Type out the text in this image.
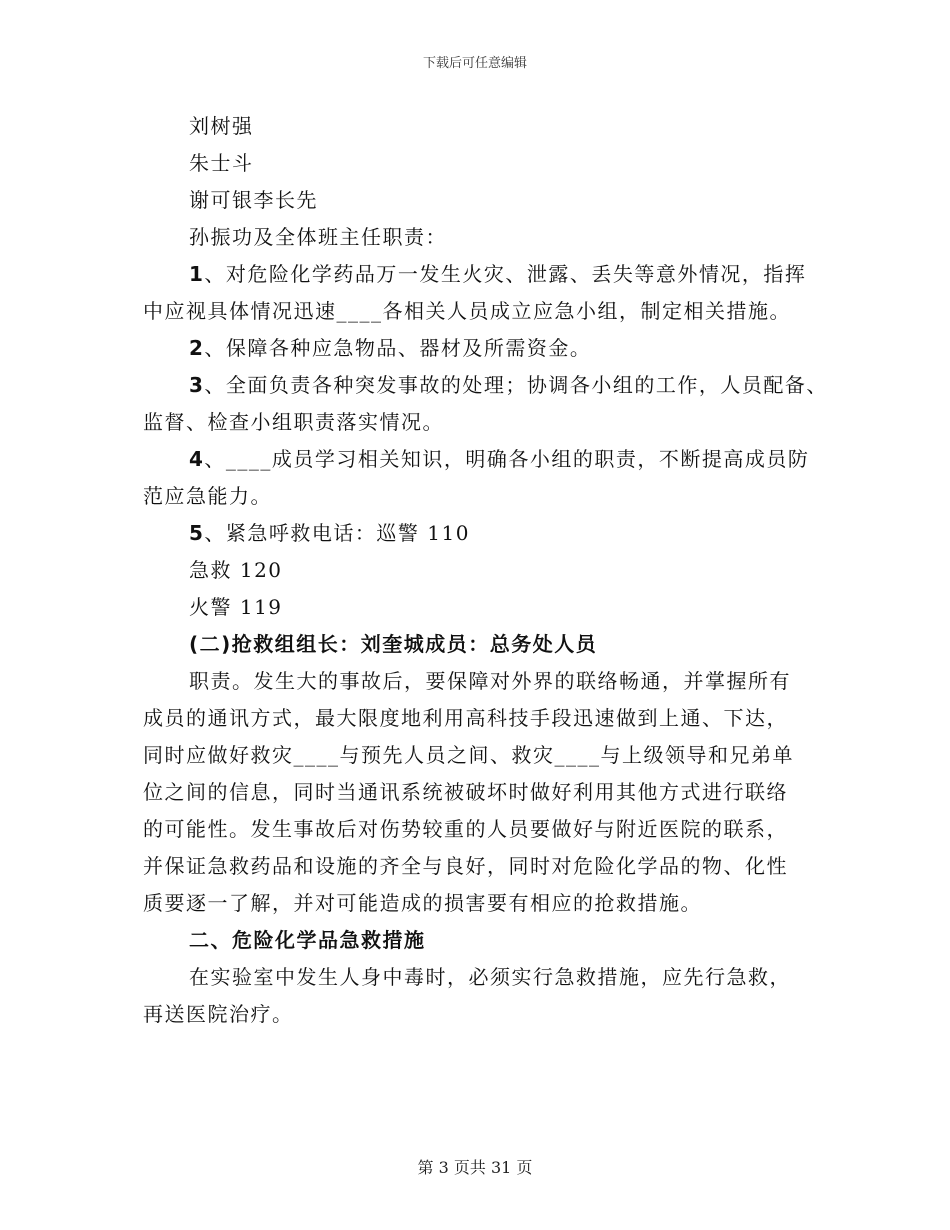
下载后可任意编辑
刘树强
朱士斗
谢可银李长先
孙振功及全体班主任职责：
1、对危险化学药品万一发生火灾、泄露、丢失等意外情况，指挥
中应视具体情况迅速____各相关人员成立应急小组，制定相关措施。
2、保障各种应急物品、器材及所需资金。
3、全面负责各种突发事故的处理；协调各小组的工作，人员配备、
监督、检查小组职责落实情况。
4、____成员学习相关知识，明确各小组的职责，不断提高成员防
范应急能力。
5、紧急呼救电话：巡警 110
急救 120
火警 119
(二)抢救组组长：刘奎城成员：总务处人员
职责。发生大的事故后，要保障对外界的联络畅通，并掌握所有
成员的通讯方式，最大限度地利用高科技手段迅速做到上通、下达，
同时应做好救灾____与预先人员之间、救灾____与上级领导和兄弟单
位之间的信息，同时当通讯系统被破坏时做好利用其他方式进行联络
的可能性。发生事故后对伤势较重的人员要做好与附近医院的联系，
并保证急救药品和设施的齐全与良好，同时对危险化学品的物、化性
质要逐一了解，并对可能造成的损害要有相应的抢救措施。
二、危险化学品急救措施
在实验室中发生人身中毒时，必须实行急救措施，应先行急救，
再送医院治疗。
第 3 页共 31 页
